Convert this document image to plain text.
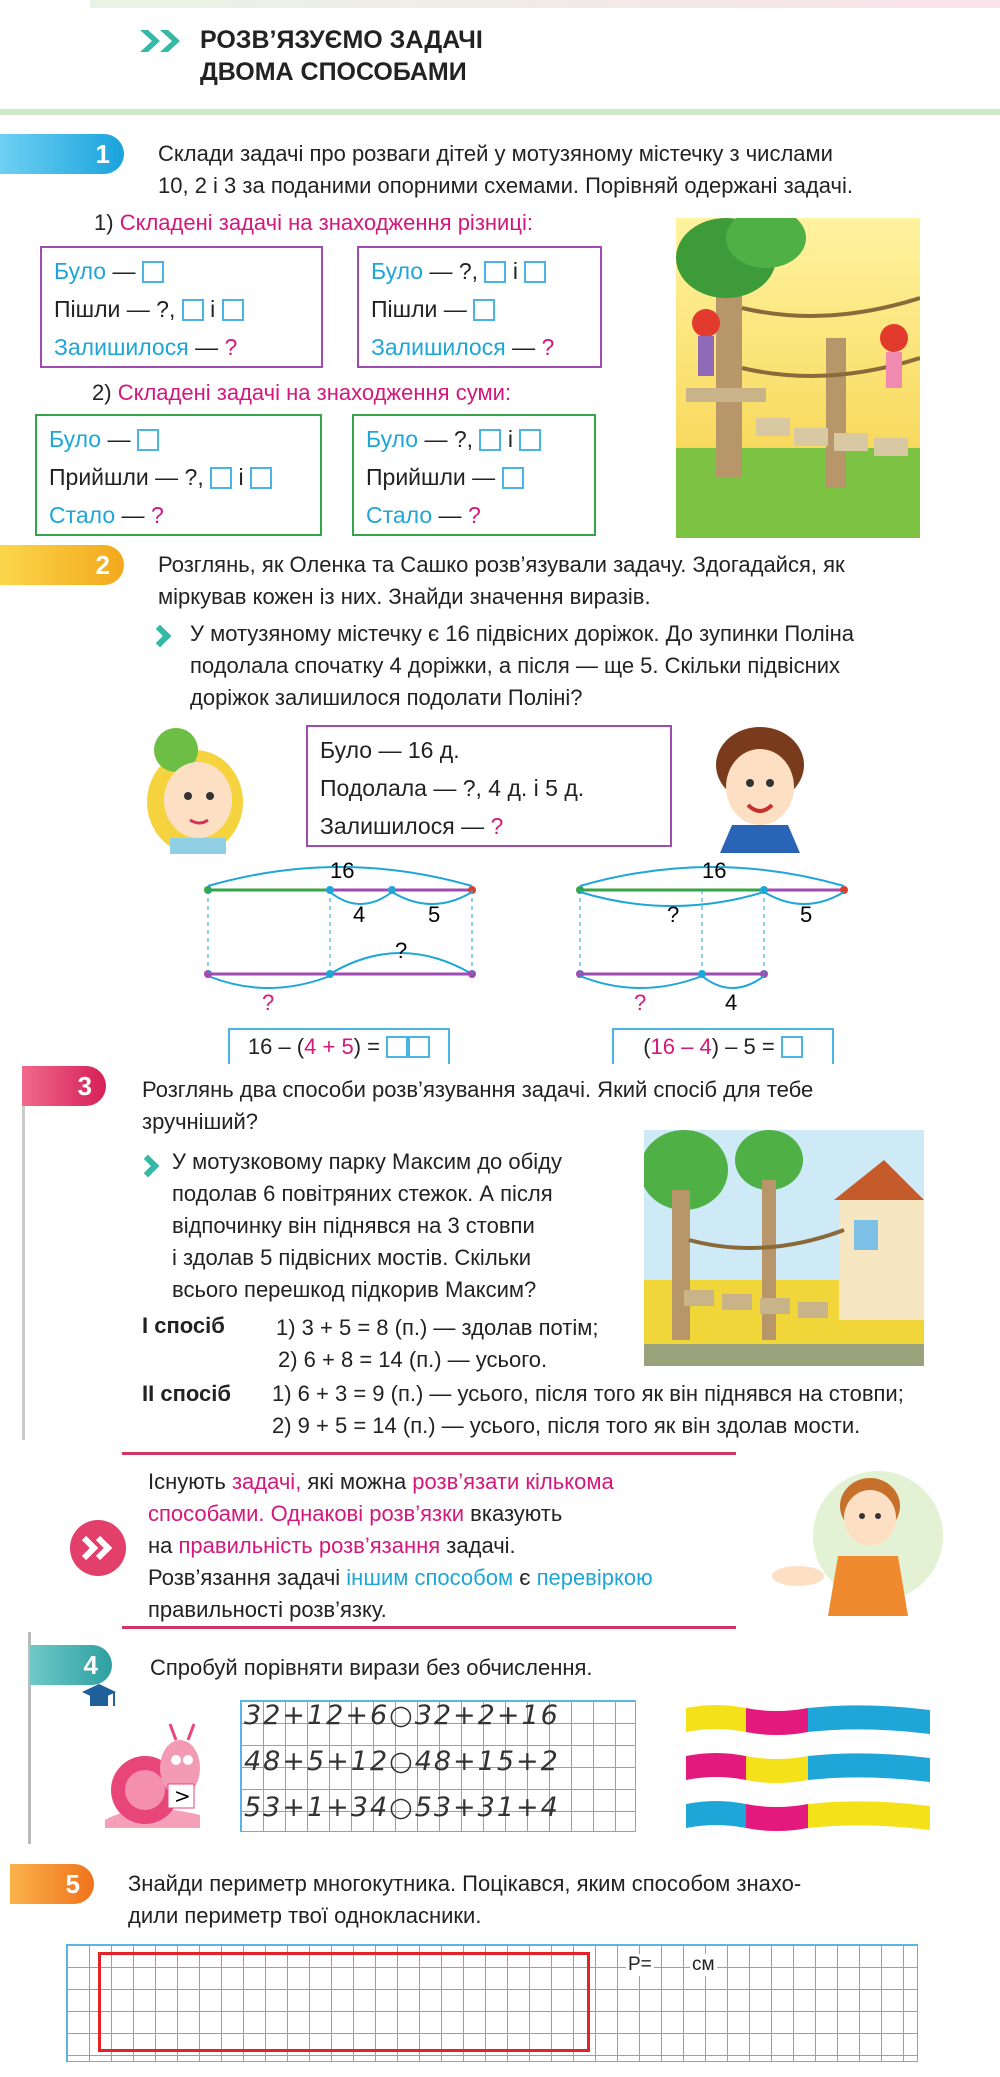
РОЗВ’ЯЗУЄМО ЗАДАЧІ
ДВОМА СПОСОБАМИ
1	Склади задачі про розваги дітей у мотузяному містечку з числами
10, 2 і 3 за поданими опорними схемами. Порівняй одержані задачі.
1) Складені задачі на знаходження різниці:
Було —
Пішли — ?, і
Залишилося — ?
Було — ?, і
Пішли —
Залишилося — ?
2) Складені задачі на знаходження суми:
Було —
Прийшли — ?, і
Стало — ?
Було — ?, і
Прийшли —
Стало — ?
2	Розглянь, як Оленка та Сашко розв’язували задачу. Здогадайся, як
міркував кожен із них. Знайди значення виразів.
У мотузяному містечку є 16 підвісних доріжок. До зупинки Поліна
подолала спочатку 4 доріжки, а після — ще 5. Скільки підвісних
доріжок залишилося подолати Поліні?
Було — 16 д.
Подолала — ?, 4 д. і 5 д.
Залишилося — ?
16
4	5
?
?
16
?	5
?	4
16 – (4 + 5) =	(16 – 4) – 5 =
3	Розглянь два способи розв’язування задачі. Який спосіб для тебе
зручніший?
У мотузковому парку Максим до обіду
подолав 6 повітряних стежок. А після
відпочинку він піднявся на 3 стовпи
і здолав 5 підвісних мостів. Скільки
всього перешкод підкорив Максим?
І спосіб 1) 3 + 5 = 8 (п.) — здолав потім;
2) 6 + 8 = 14 (п.) — усього.
ІІ спосіб 1) 6 + 3 = 9 (п.) — усього, після того як він піднявся на стовпи;
2) 9 + 5 = 14 (п.) — усього, після того як він здолав мости.
Існують задачі, які можна розв’язати кількома
способами. Однакові розв’язки вказують
на правильність розв’язання задачі.
Розв’язання задачі іншим способом є перевіркою
правильності розв’язку.
4	Спробуй порівняти вирази без обчислення.
>
32+12+6○32+2+16
48+5+12○48+15+2
53+1+34○53+31+4
5	Знайди периметр многокутника. Поцікався, яким способом знахо-
дили периметр твої однокласники.
P= см
